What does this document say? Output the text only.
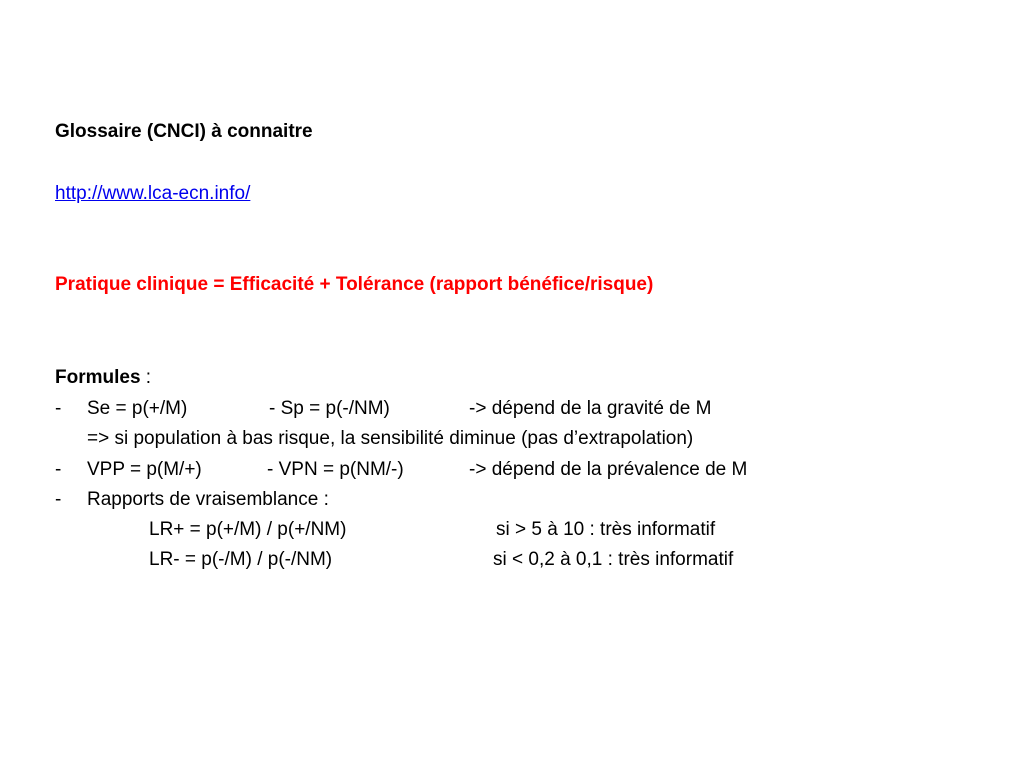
Glossaire (CNCI) à connaitre
http://www.lca-ecn.info/
Pratique clinique = Efficacité + Tolérance (rapport bénéfice/risque)
Formules :
- Se = p(+/M)	- Sp = p(-/NM)	-> dépend de la gravité de M
=> si population à bas risque, la sensibilité diminue (pas d’extrapolation)
- VPP = p(M/+)	- VPN = p(NM/-)	-> dépend de la prévalence de M
- Rapports de vraisemblance :
LR+ = p(+/M) / p(+/NM)	si > 5 à 10 : très informatif
LR- = p(-/M) / p(-/NM)	si < 0,2 à 0,1 : très informatif
